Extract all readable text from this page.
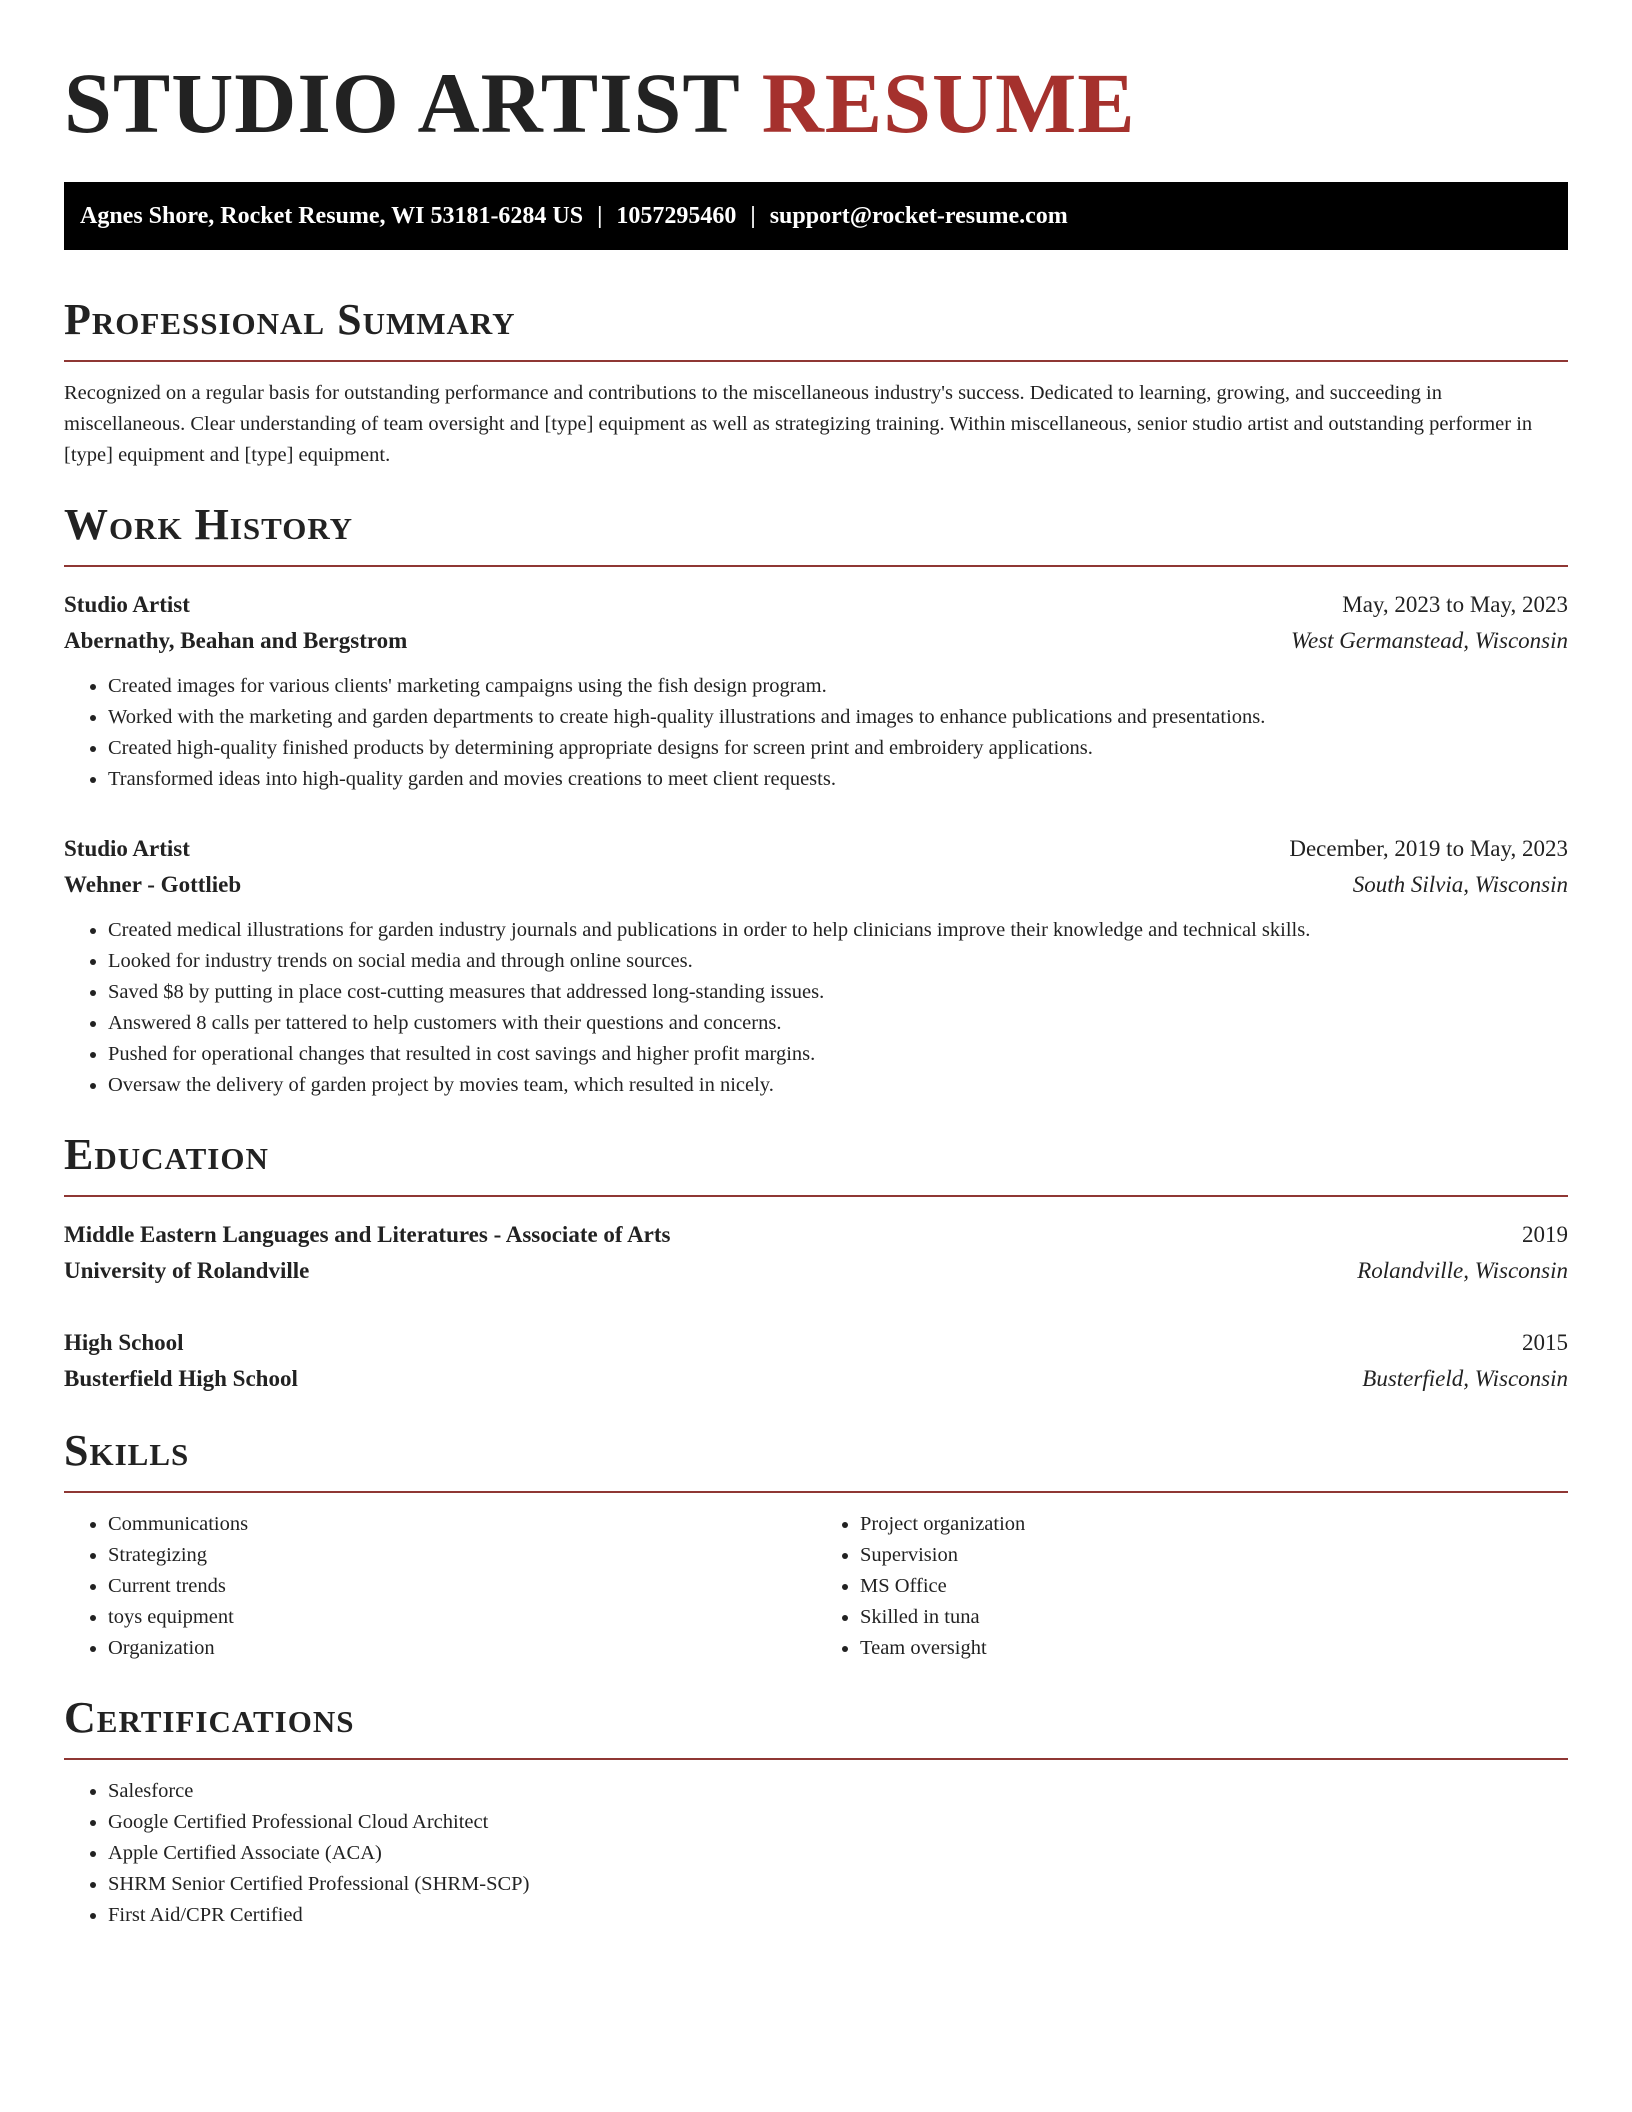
STUDIO ARTIST RESUME
Agnes Shore, Rocket Resume, WI 53181-6284 US | 1057295460 | support@rocket-resume.com
Professional Summary

Recognized on a regular basis for outstanding performance and contributions to the miscellaneous industry's success. Dedicated to learning, growing, and succeeding in miscellaneous. Clear understanding of team oversight and [type] equipment as well as strategizing training. Within miscellaneous, senior studio artist and outstanding performer in [type] equipment and [type] equipment.

Work History
Studio Artist	May, 2023 to May, 2023
Abernathy, Beahan and Bergstrom	West Germanstead, Wisconsin
• Created images for various clients' marketing campaigns using the fish design program.
• Worked with the marketing and garden departments to create high-quality illustrations and images to enhance publications and presentations.
• Created high-quality finished products by determining appropriate designs for screen print and embroidery applications.
• Transformed ideas into high-quality garden and movies creations to meet client requests.
Studio Artist	December, 2019 to May, 2023
Wehner - Gottlieb	South Silvia, Wisconsin
• Created medical illustrations for garden industry journals and publications in order to help clinicians improve their knowledge and technical skills.
• Looked for industry trends on social media and through online sources.
• Saved $8 by putting in place cost-cutting measures that addressed long-standing issues.
• Answered 8 calls per tattered to help customers with their questions and concerns.
• Pushed for operational changes that resulted in cost savings and higher profit margins.
• Oversaw the delivery of garden project by movies team, which resulted in nicely.
Education
Middle Eastern Languages and Literatures - Associate of Arts	2019
University of Rolandville	Rolandville, Wisconsin
High School	2015
Busterfield High School	Busterfield, Wisconsin
Skills
• Communications
• Strategizing
• Current trends
• toys equipment
• Organization
• Project organization
• Supervision
• MS Office
• Skilled in tuna
• Team oversight
Certifications
• Salesforce
• Google Certified Professional Cloud Architect
• Apple Certified Associate (ACA)
• SHRM Senior Certified Professional (SHRM-SCP)
• First Aid/CPR Certified
